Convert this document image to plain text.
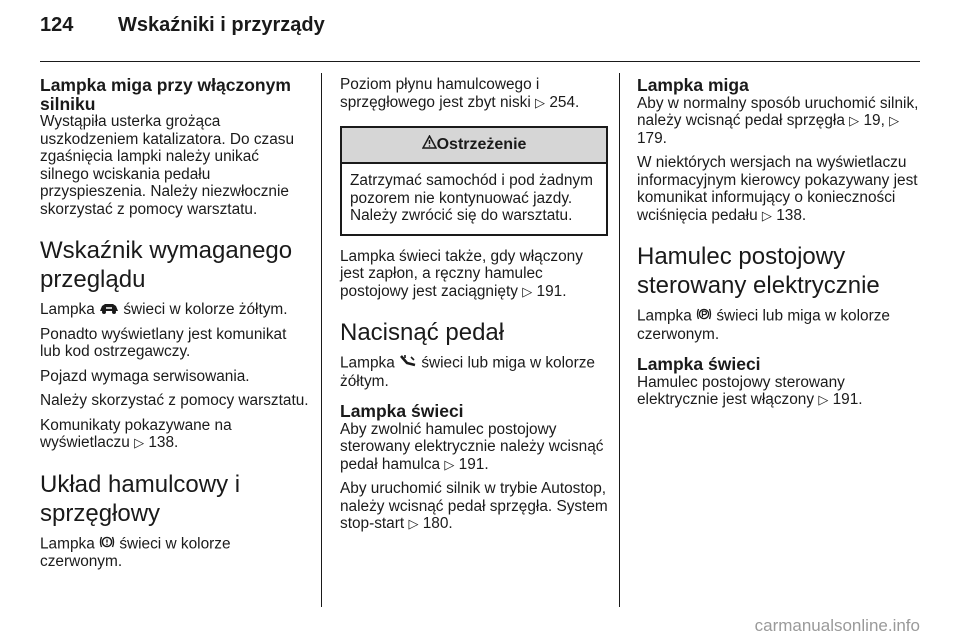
124 Wskaźniki i przyrządy
Lampka miga przy włączonym silniku

Wystąpiła usterka grożąca uszkodzeniem katalizatora. Do czasu zgaśnięcia lampki należy unikać silnego wciskania pedału przyspieszenia. Należy niezwłocznie skorzystać z pomocy warsztatu.

Wskaźnik wymaganego przeglądu

Lampka świeci w kolorze żółtym.

Ponadto wyświetlany jest komunikat lub kod ostrzegawczy.

Pojazd wymaga serwisowania.

Należy skorzystać z pomocy warsztatu.

Komunikaty pokazywane na wyświetlaczu ▷ 138.

Układ hamulcowy i sprzęgłowy

Lampka świeci w kolorze czerwonym.

Poziom płynu hamulcowego i sprzęgłowego jest zbyt niski ▷ 254.

Ostrzeżenie
Zatrzymać samochód i pod żadnym pozorem nie kontynuować jazdy. Należy zwrócić się do warsztatu.

Lampka świeci także, gdy włączony jest zapłon, a ręczny hamulec postojowy jest zaciągnięty ▷ 191.

Nacisnąć pedał

Lampka świeci lub miga w kolorze żółtym.

Lampka świeci

Aby zwolnić hamulec postojowy sterowany elektrycznie należy wcisnąć pedał hamulca ▷ 191.

Aby uruchomić silnik w trybie Autostop, należy wcisnąć pedał sprzęgła. System stop-start ▷ 180.

Lampka miga

Aby w normalny sposób uruchomić silnik, należy wcisnąć pedał sprzęgła ▷ 19, ▷ 179.

W niektórych wersjach na wyświetlaczu informacyjnym kierowcy pokazywany jest komunikat informujący o konieczności wciśnięcia pedału ▷ 138.

Hamulec postojowy sterowany elektrycznie

Lampka świeci lub miga w kolorze czerwonym.

Lampka świeci

Hamulec postojowy sterowany elektrycznie jest włączony ▷ 191.

carmanualsonline.info
